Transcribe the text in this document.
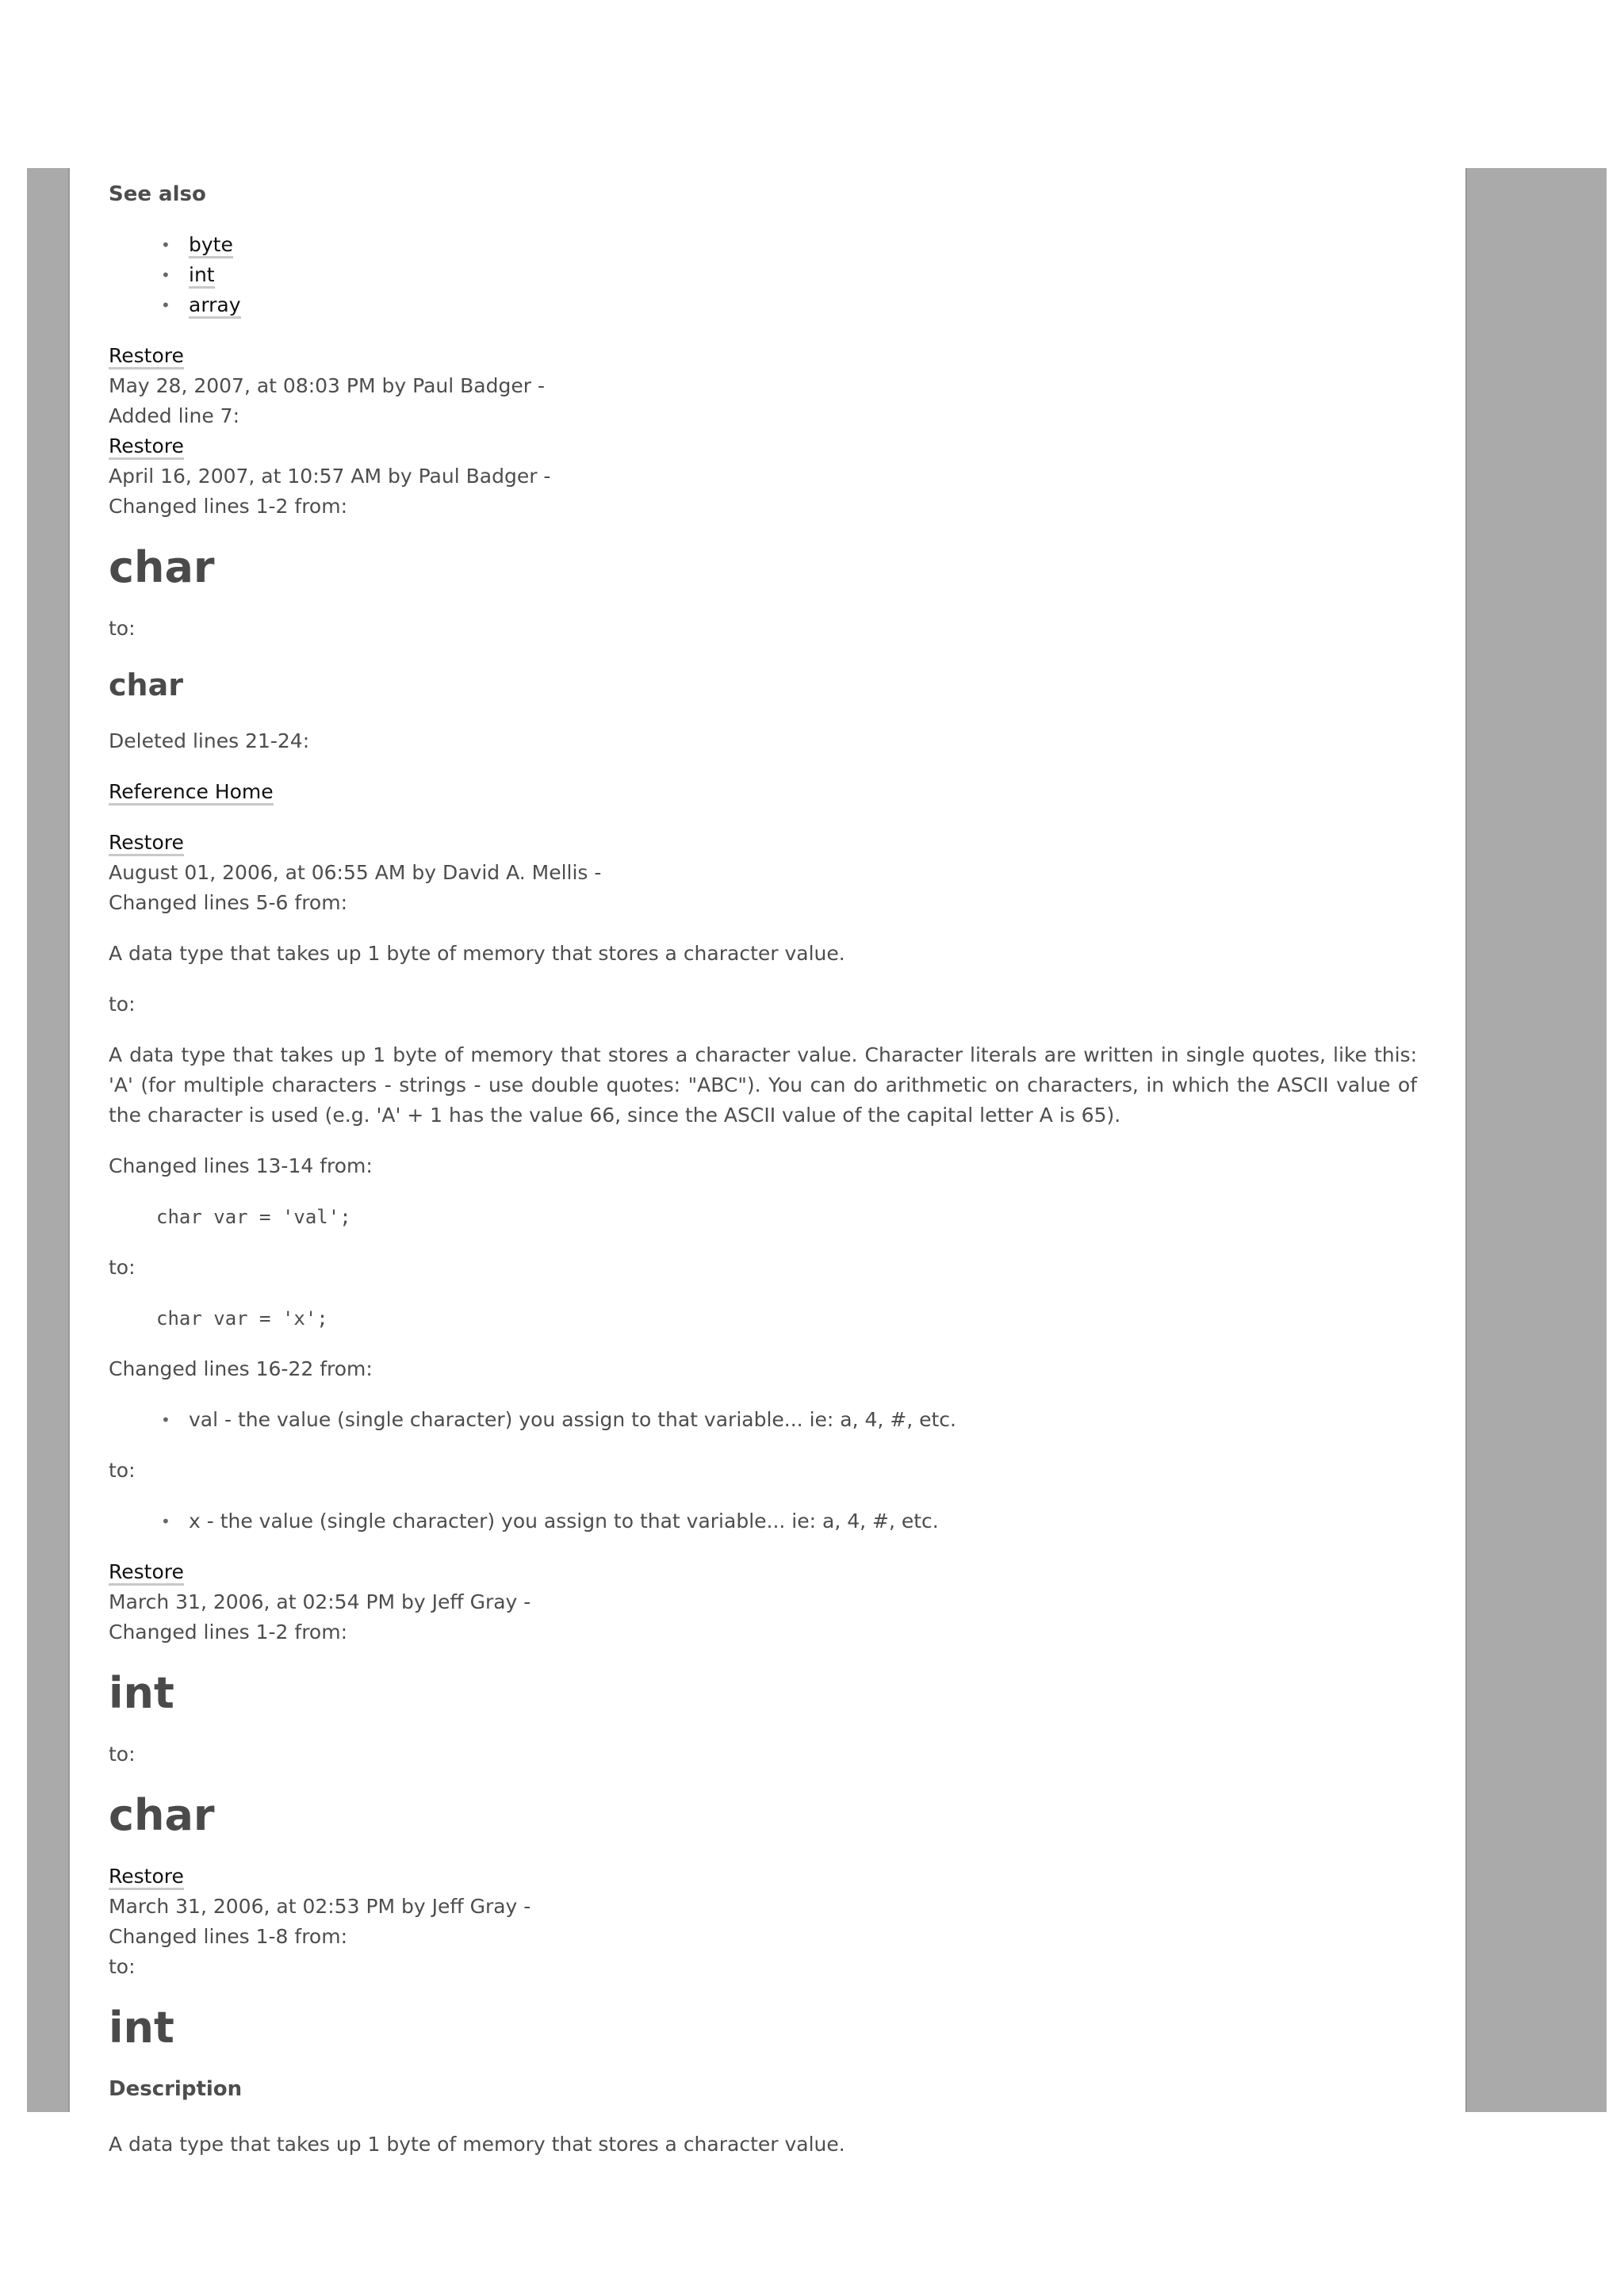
See also

• byte
• int
• array

Restore

May 28, 2007, at 08:03 PM by Paul Badger -

Added line 7:

Restore

April 16, 2007, at 10:57 AM by Paul Badger -

Changed lines 1-2 from:

char

to:

char

Deleted lines 21-24:

Reference Home

Restore

August 01, 2006, at 06:55 AM by David A. Mellis -

Changed lines 5-6 from:

A data type that takes up 1 byte of memory that stores a character value.

to:

A data type that takes up 1 byte of memory that stores a character value. Character literals are written in single quotes, like this: 'A' (for multiple characters - strings - use double quotes: "ABC"). You can do arithmetic on characters, in which the ASCII value of the character is used (e.g. 'A' + 1 has the value 66, since the ASCII value of the capital letter A is 65).

Changed lines 13-14 from:

char var = 'val';

to:

char var = 'x';

Changed lines 16-22 from:

• val - the value (single character) you assign to that variable... ie: a, 4, #, etc.

to:

• x - the value (single character) you assign to that variable... ie: a, 4, #, etc.

Restore

March 31, 2006, at 02:54 PM by Jeff Gray -

Changed lines 1-2 from:

int

to:

char

Restore

March 31, 2006, at 02:53 PM by Jeff Gray -

Changed lines 1-8 from:

to:

int

Description

A data type that takes up 1 byte of memory that stores a character value.
